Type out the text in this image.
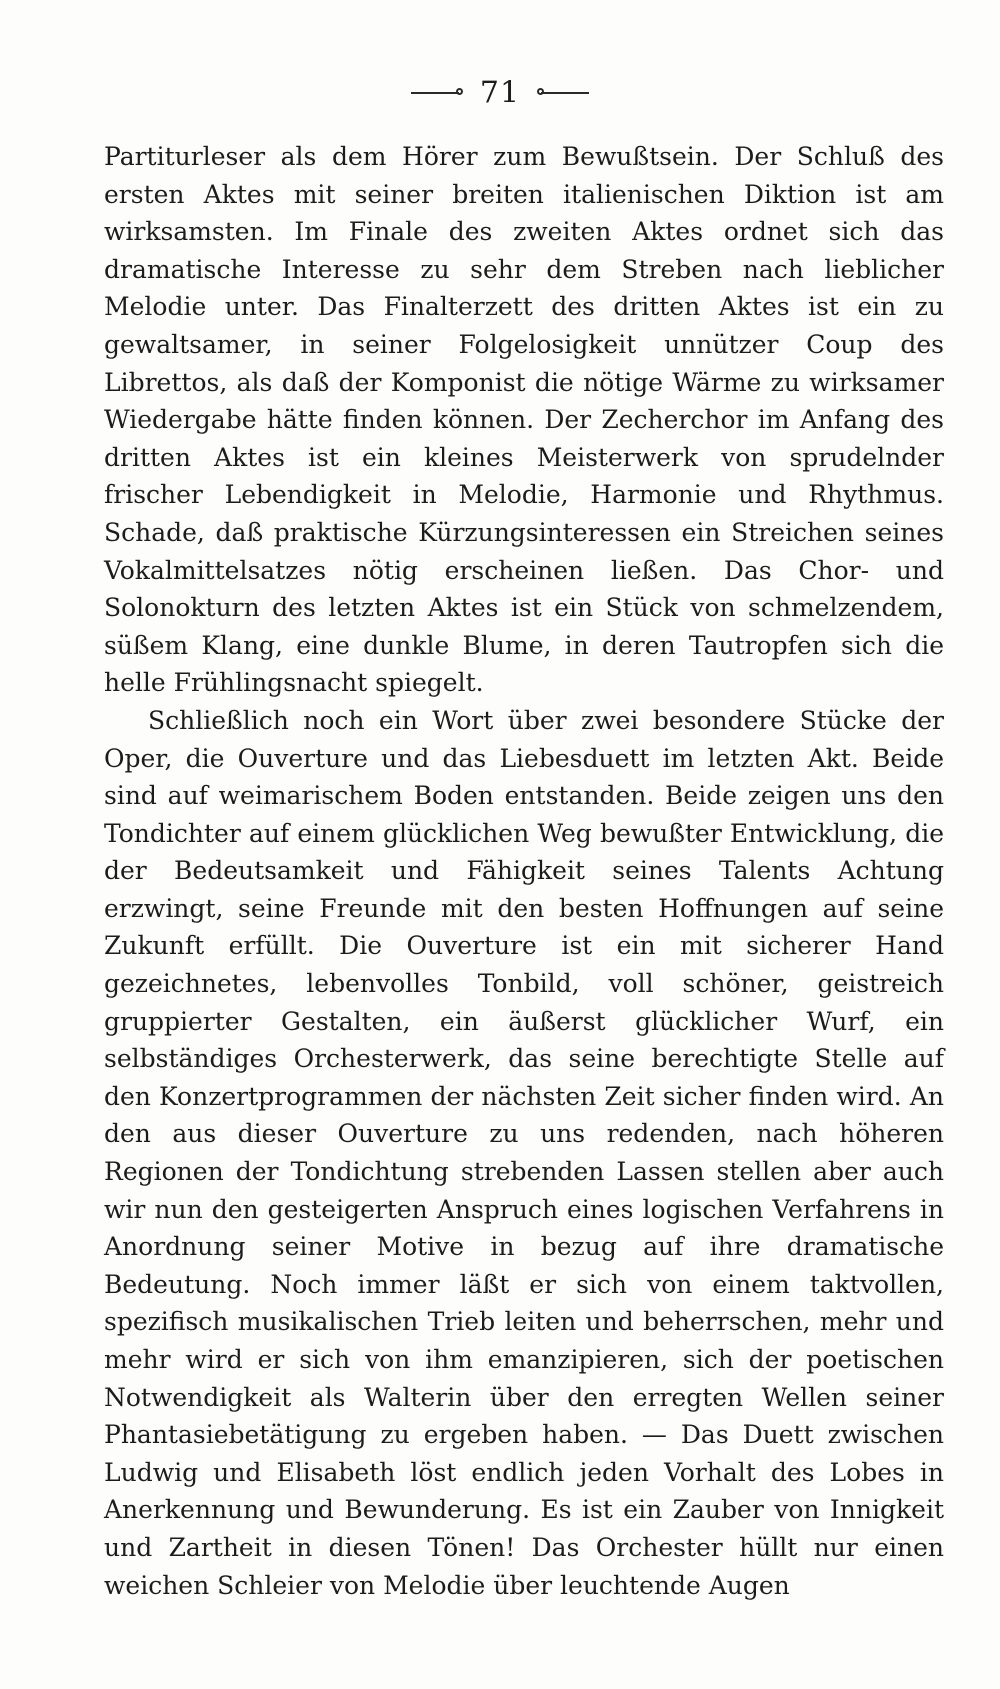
71

Partiturleser als dem Hörer zum Bewußtsein. Der Schluß des ersten Aktes mit seiner breiten italienischen Diktion ist am wirksamsten. Im Finale des zweiten Aktes ordnet sich das dramatische Interesse zu sehr dem Streben nach lieblicher Melodie unter. Das Finalterzett des dritten Aktes ist ein zu gewaltsamer, in seiner Folgelosigkeit unnützer Coup des Librettos, als daß der Komponist die nötige Wärme zu wirksamer Wiedergabe hätte finden können. Der Zecherchor im Anfang des dritten Aktes ist ein kleines Meisterwerk von sprudelnder frischer Lebendigkeit in Melodie, Harmonie und Rhythmus. Schade, daß praktische Kürzungsinteressen ein Streichen seines Vokalmittelsatzes nötig erscheinen ließen. Das Chor- und Solonokturn des letzten Aktes ist ein Stück von schmelzendem, süßem Klang, eine dunkle Blume, in deren Tautropfen sich die helle Frühlingsnacht spiegelt.

Schließlich noch ein Wort über zwei besondere Stücke der Oper, die Ouverture und das Liebesduett im letzten Akt. Beide sind auf weimarischem Boden entstanden. Beide zeigen uns den Tondichter auf einem glücklichen Weg bewußter Entwicklung, die der Bedeutsamkeit und Fähigkeit seines Talents Achtung erzwingt, seine Freunde mit den besten Hoffnungen auf seine Zukunft erfüllt. Die Ouverture ist ein mit sicherer Hand gezeichnetes, lebenvolles Tonbild, voll schöner, geistreich gruppierter Gestalten, ein äußerst glücklicher Wurf, ein selbständiges Orchesterwerk, das seine berechtigte Stelle auf den Konzertprogrammen der nächsten Zeit sicher finden wird. An den aus dieser Ouverture zu uns redenden, nach höheren Regionen der Tondichtung strebenden Lassen stellen aber auch wir nun den gesteigerten Anspruch eines logischen Verfahrens in Anordnung seiner Motive in bezug auf ihre dramatische Bedeutung. Noch immer läßt er sich von einem taktvollen, spezifisch musikalischen Trieb leiten und beherrschen, mehr und mehr wird er sich von ihm emanzipieren, sich der poetischen Notwendigkeit als Walterin über den erregten Wellen seiner Phantasiebetätigung zu ergeben haben. — Das Duett zwischen Ludwig und Elisabeth löst endlich jeden Vorhalt des Lobes in Anerkennung und Bewunderung. Es ist ein Zauber von Innigkeit und Zartheit in diesen Tönen! Das Orchester hüllt nur einen weichen Schleier von Melodie über leuchtende Augen
